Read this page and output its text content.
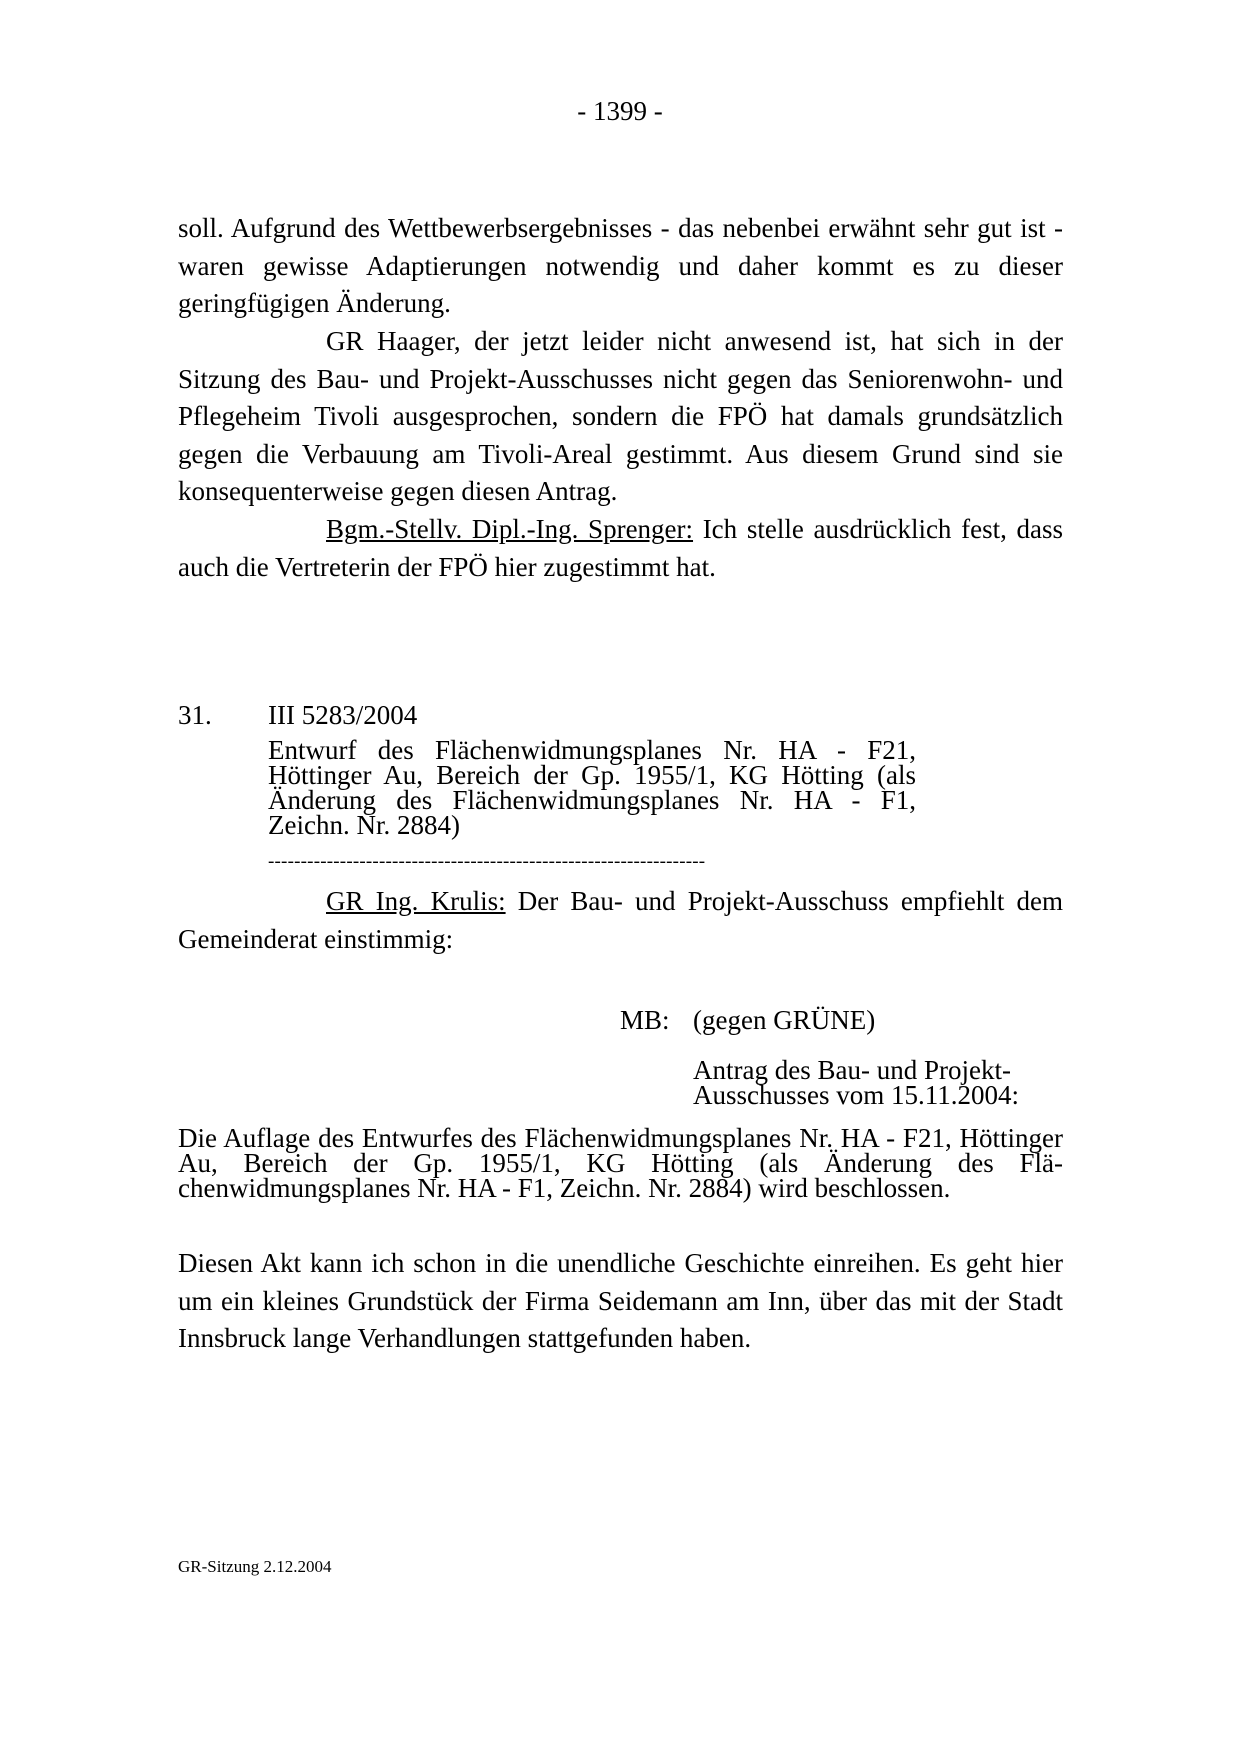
- 1399 -

soll. Aufgrund des Wettbewerbsergebnisses - das nebenbei erwähnt sehr gut ist - waren gewisse Adaptierungen notwendig und daher kommt es zu dieser geringfügigen Änderung.

GR Haager, der jetzt leider nicht anwesend ist, hat sich in der Sitzung des Bau- und Projekt-Ausschusses nicht gegen das Seniorenwohn- und Pflegeheim Tivoli ausgesprochen, sondern die FPÖ hat damals grundsätzlich gegen die Verbauung am Tivoli-Areal gestimmt. Aus diesem Grund sind sie konsequenterweise gegen diesen Antrag.

Bgm.-Stellv. Dipl.-Ing. Sprenger: Ich stelle ausdrücklich fest, dass auch die Vertreterin der FPÖ hier zugestimmt hat.

31. III 5283/2004

Entwurf des Flächenwidmungsplanes Nr. HA - F21, Höttinger Au, Bereich der Gp. 1955/1, KG Hötting (als Änderung des Flächenwidmungsplanes Nr. HA - F1, Zeichn. Nr. 2884)

-------------------------------------------------------------------

GR Ing. Krulis: Der Bau- und Projekt-Ausschuss empfiehlt dem Gemeinderat einstimmig:

MB: (gegen GRÜNE)

Antrag des Bau- und Projekt-Ausschusses vom 15.11.2004:

Die Auflage des Entwurfes des Flächenwidmungsplanes Nr. HA - F21, Höttinger Au, Bereich der Gp. 1955/1, KG Hötting (als Änderung des Flächenwidmungsplanes Nr. HA - F1, Zeichn. Nr. 2884) wird beschlossen.

Diesen Akt kann ich schon in die unendliche Geschichte einreihen. Es geht hier um ein kleines Grundstück der Firma Seidemann am Inn, über das mit der Stadt Innsbruck lange Verhandlungen stattgefunden haben.

GR-Sitzung 2.12.2004
